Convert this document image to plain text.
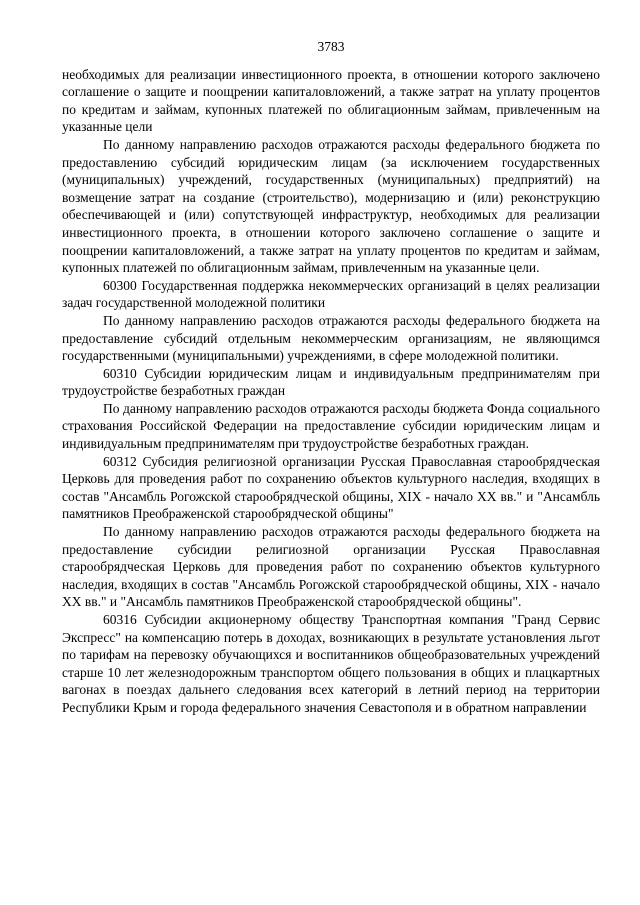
3783

необходимых для реализации инвестиционного проекта, в отношении которого заключено соглашение о защите и поощрении капиталовложений, а также затрат на уплату процентов по кредитам и займам, купонных платежей по облигационным займам, привлеченным на указанные цели

По данному направлению расходов отражаются расходы федерального бюджета по предоставлению субсидий юридическим лицам (за исключением государственных (муниципальных) учреждений, государственных (муниципальных) предприятий) на возмещение затрат на создание (строительство), модернизацию и (или) реконструкцию обеспечивающей и (или) сопутствующей инфраструктур, необходимых для реализации инвестиционного проекта, в отношении которого заключено соглашение о защите и поощрении капиталовложений, а также затрат на уплату процентов по кредитам и займам, купонных платежей по облигационным займам, привлеченным на указанные цели.

60300 Государственная поддержка некоммерческих организаций в целях реализации задач государственной молодежной политики

По данному направлению расходов отражаются расходы федерального бюджета на предоставление субсидий отдельным некоммерческим организациям, не являющимся государственными (муниципальными) учреждениями, в сфере молодежной политики.

60310 Субсидии юридическим лицам и индивидуальным предпринимателям при трудоустройстве безработных граждан

По данному направлению расходов отражаются расходы бюджета Фонда социального страхования Российской Федерации на предоставление субсидии юридическим лицам и индивидуальным предпринимателям при трудоустройстве безработных граждан.

60312 Субсидия религиозной организации Русская Православная старообрядческая Церковь для проведения работ по сохранению объектов культурного наследия, входящих в состав "Ансамбль Рогожской старообрядческой общины, XIX - начало XX вв." и "Ансамбль памятников Преображенской старообрядческой общины"

По данному направлению расходов отражаются расходы федерального бюджета на предоставление субсидии религиозной организации Русская Православная старообрядческая Церковь для проведения работ по сохранению объектов культурного наследия, входящих в состав "Ансамбль Рогожской старообрядческой общины, XIX - начало XX вв." и "Ансамбль памятников Преображенской старообрядческой общины".

60316 Субсидии акционерному обществу Транспортная компания "Гранд Сервис Экспресс" на компенсацию потерь в доходах, возникающих в результате установления льгот по тарифам на перевозку обучающихся и воспитанников общеобразовательных учреждений старше 10 лет железнодорожным транспортом общего пользования в общих и плацкартных вагонах в поездах дальнего следования всех категорий в летний период на территории Республики Крым и города федерального значения Севастополя и в обратном направлении
